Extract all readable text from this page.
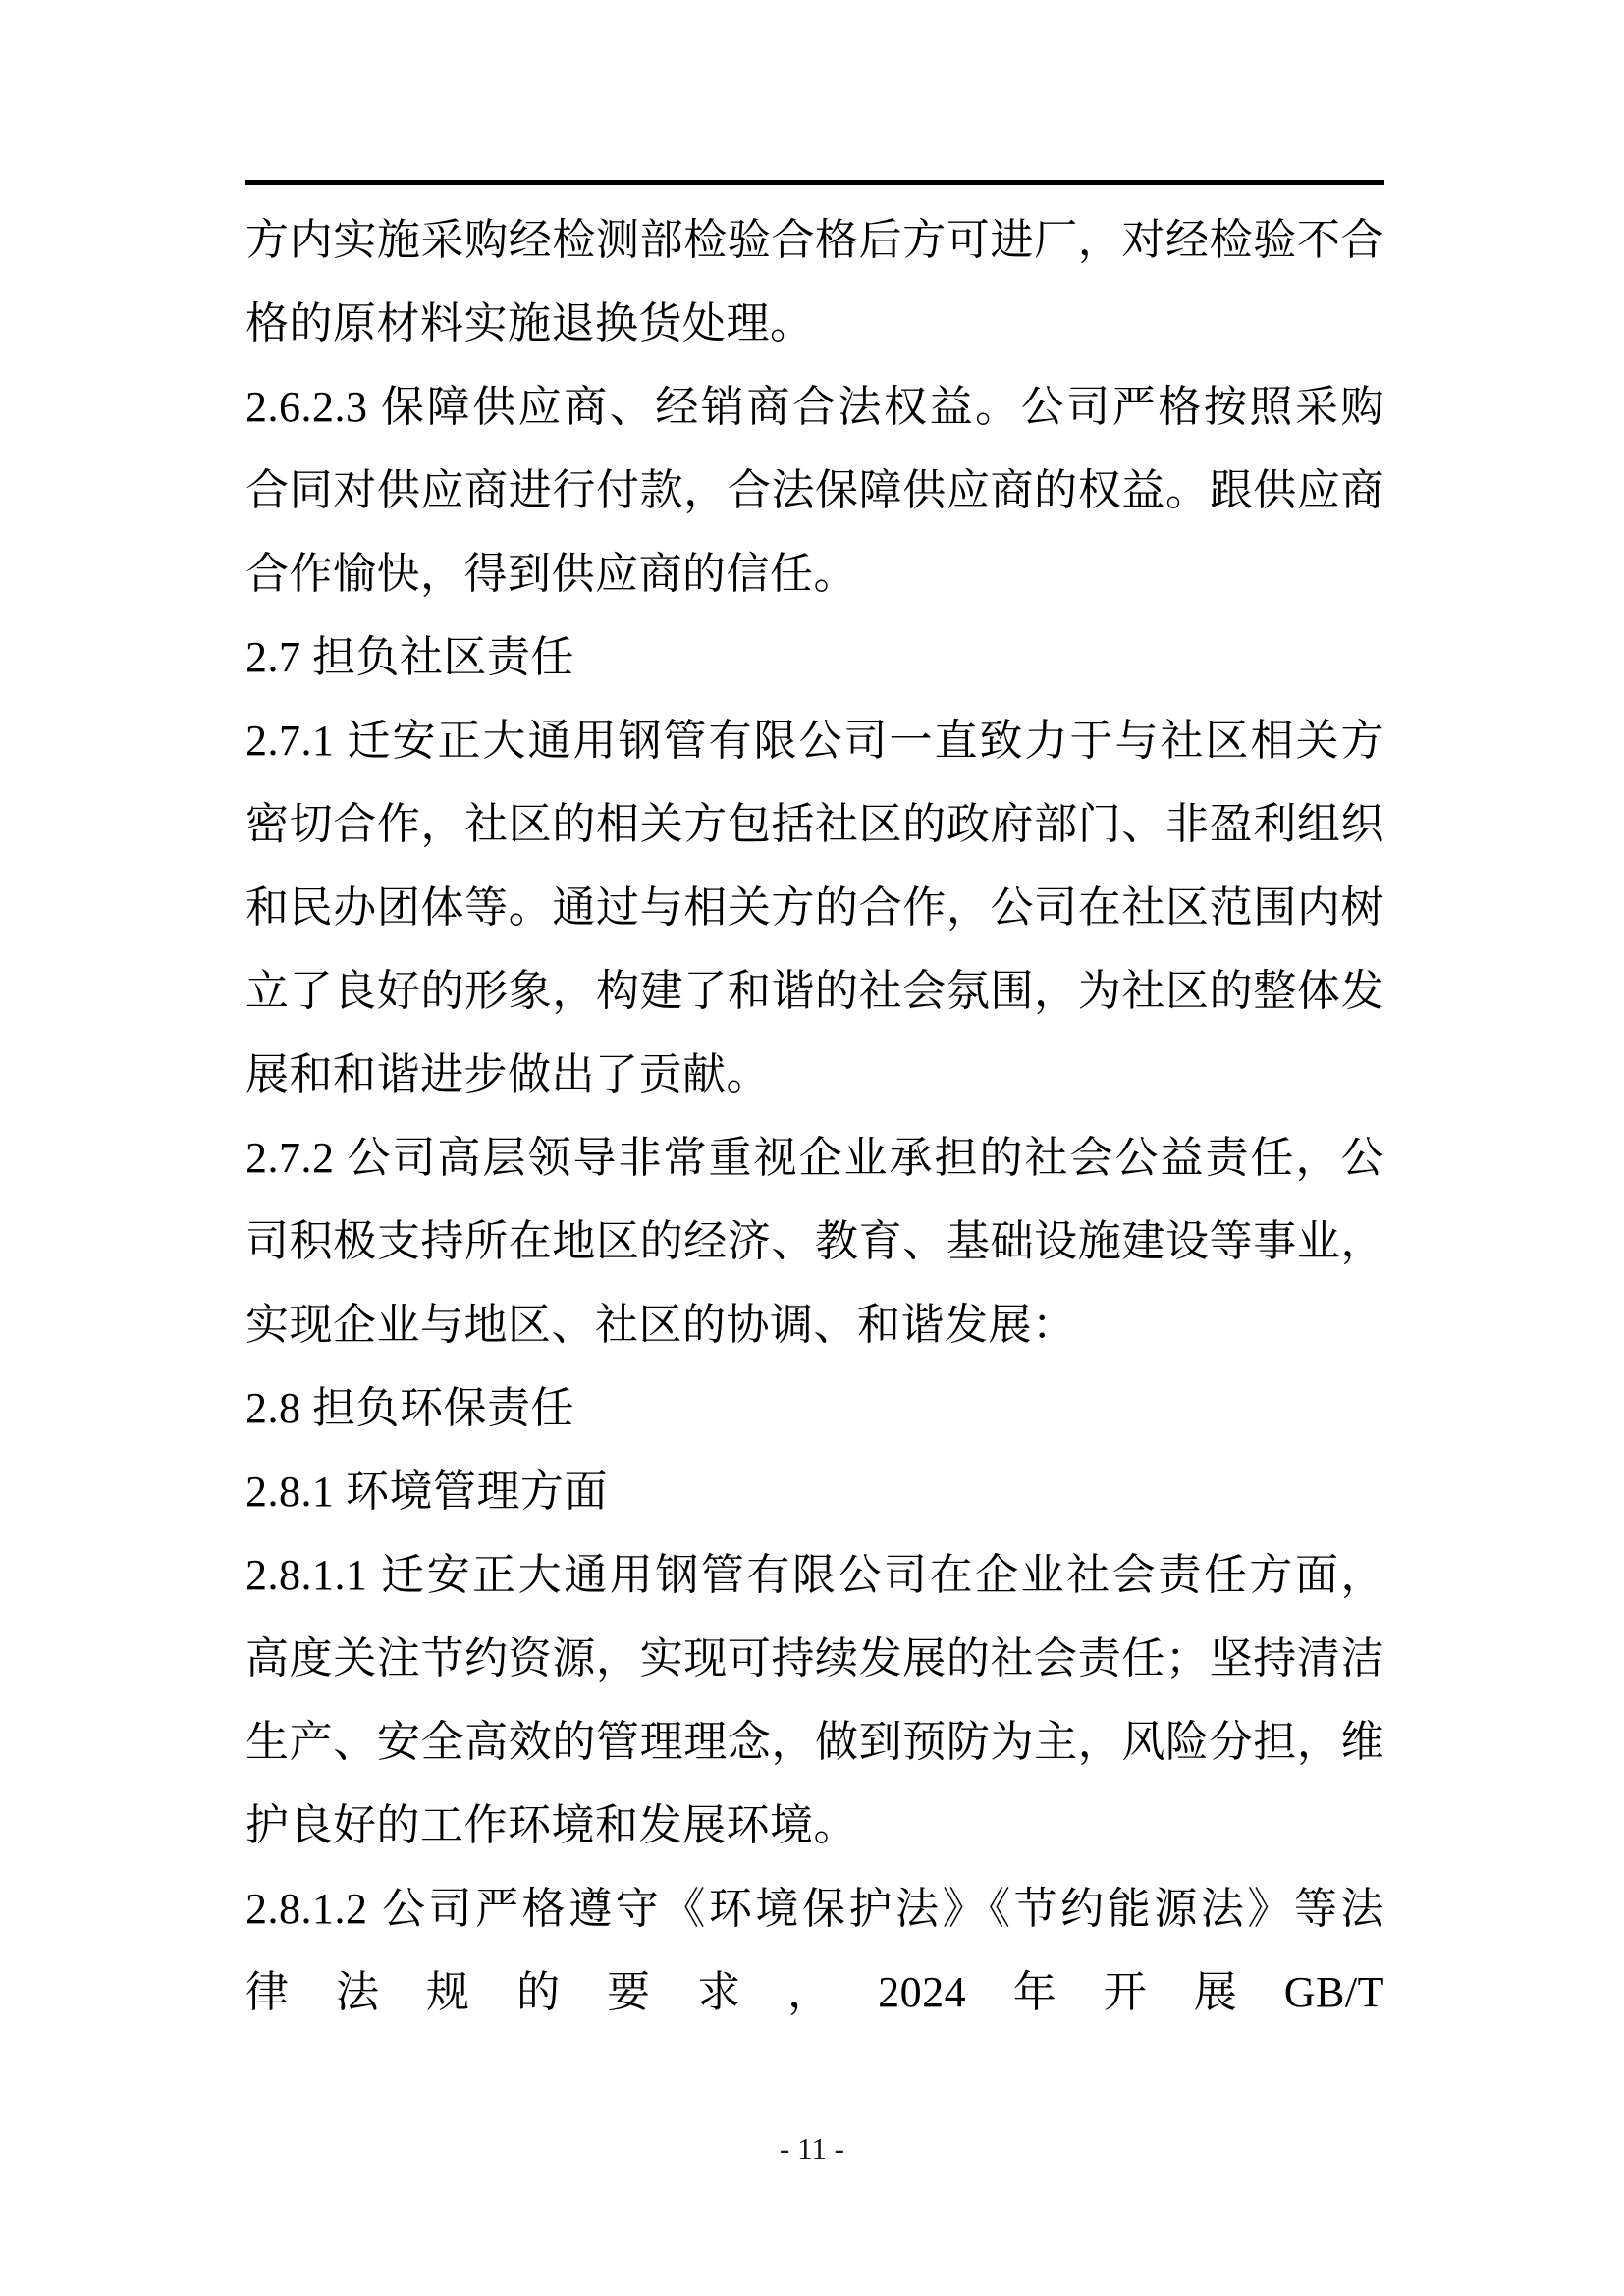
方内实施采购经检测部检验合格后方可进厂，对经检验不合
格的原材料实施退换货处理。
2.6.2.3 保障供应商、经销商合法权益。公司严格按照采购
合同对供应商进行付款，合法保障供应商的权益。跟供应商
合作愉快，得到供应商的信任。
2.7 担负社区责任
2.7.1 迁安正大通用钢管有限公司一直致力于与社区相关方
密切合作，社区的相关方包括社区的政府部门、非盈利组织
和民办团体等。通过与相关方的合作，公司在社区范围内树
立了良好的形象，构建了和谐的社会氛围，为社区的整体发
展和和谐进步做出了贡献。
2.7.2 公司高层领导非常重视企业承担的社会公益责任，公
司积极支持所在地区的经济、教育、基础设施建设等事业，
实现企业与地区、社区的协调、和谐发展：
2.8 担负环保责任
2.8.1 环境管理方面
2.8.1.1 迁安正大通用钢管有限公司在企业社会责任方面，
高度关注节约资源，实现可持续发展的社会责任；坚持清洁
生产、安全高效的管理理念，做到预防为主，风险分担，维
护良好的工作环境和发展环境。
2.8.1.2 公司严格遵守《环境保护法》《节约能源法》等法
律法规的要求，2024年开展GB/T
- 11 -
